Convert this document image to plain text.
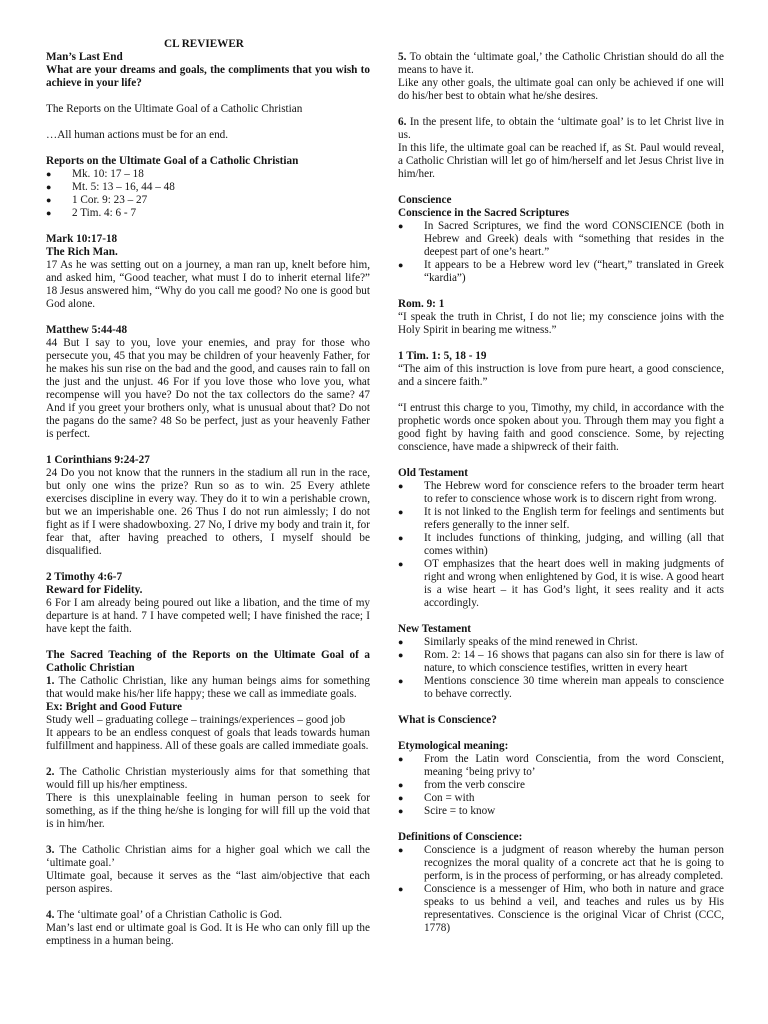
CL REVIEWER

Man’s Last End

What are your dreams and goals, the compliments that you wish to achieve in your life?

The Reports on the Ultimate Goal of a Catholic Christian

…All human actions must be for an end.

Reports on the Ultimate Goal of a Catholic Christian

● Mk. 10: 17 – 18
● Mt. 5: 13 – 16, 44 – 48
● 1 Cor. 9: 23 – 27
● 2 Tim. 4: 6 - 7

Mark 10:17-18

The Rich Man.

17 As he was setting out on a journey, a man ran up, knelt before him, and asked him, “Good teacher, what must I do to inherit eternal life?” 18 Jesus answered him, “Why do you call me good? No one is good but God alone.

Matthew 5:44-48

44 But I say to you, love your enemies, and pray for those who persecute you, 45 that you may be children of your heavenly Father, for he makes his sun rise on the bad and the good, and causes rain to fall on the just and the unjust. 46 For if you love those who love you, what recompense will you have? Do not the tax collectors do the same? 47 And if you greet your brothers only, what is unusual about that? Do not the pagans do the same? 48 So be perfect, just as your heavenly Father is perfect.

1 Corinthians 9:24-27

24 Do you not know that the runners in the stadium all run in the race, but only one wins the prize? Run so as to win. 25 Every athlete exercises discipline in every way. They do it to win a perishable crown, but we an imperishable one. 26 Thus I do not run aimlessly; I do not fight as if I were shadowboxing. 27 No, I drive my body and train it, for fear that, after having preached to others, I myself should be disqualified.

2 Timothy 4:6-7

Reward for Fidelity.

6 For I am already being poured out like a libation, and the time of my departure is at hand. 7 I have competed well; I have finished the race; I have kept the faith.

The Sacred Teaching of the Reports on the Ultimate Goal of a Catholic Christian

1. The Catholic Christian, like any human beings aims for something that would make his/her life happy; these we call as immediate goals.

Ex: Bright and Good Future

Study well – graduating college – trainings/experiences – good job

It appears to be an endless conquest of goals that leads towards human fulfillment and happiness. All of these goals are called immediate goals.

2. The Catholic Christian mysteriously aims for that something that would fill up his/her emptiness.

There is this unexplainable feeling in human person to seek for something, as if the thing he/she is longing for will fill up the void that is in him/her.

3. The Catholic Christian aims for a higher goal which we call the ‘ultimate goal.’

Ultimate goal, because it serves as the “last aim/objective that each person aspires.

4. The ‘ultimate goal’ of a Christian Catholic is God.

Man’s last end or ultimate goal is God. It is He who can only fill up the emptiness in a human being.

5. To obtain the ‘ultimate goal,’ the Catholic Christian should do all the means to have it.

Like any other goals, the ultimate goal can only be achieved if one will do his/her best to obtain what he/she desires.

6. In the present life, to obtain the ‘ultimate goal’ is to let Christ live in us.

In this life, the ultimate goal can be reached if, as St. Paul would reveal, a Catholic Christian will let go of him/herself and let Jesus Christ live in him/her.

Conscience

Conscience in the Sacred Scriptures

● In Sacred Scriptures, we find the word CONSCIENCE (both in Hebrew and Greek) deals with “something that resides in the deepest part of one’s heart.”
● It appears to be a Hebrew word lev (“heart,” translated in Greek “kardia”)

Rom. 9: 1

“I speak the truth in Christ, I do not lie; my conscience joins with the Holy Spirit in bearing me witness.”

1 Tim. 1: 5, 18 - 19

“The aim of this instruction is love from pure heart, a good conscience, and a sincere faith.”

“I entrust this charge to you, Timothy, my child, in accordance with the prophetic words once spoken about you. Through them may you fight a good fight by having faith and good conscience. Some, by rejecting conscience, have made a shipwreck of their faith.

Old Testament

● The Hebrew word for conscience refers to the broader term heart to refer to conscience whose work is to discern right from wrong.
● It is not linked to the English term for feelings and sentiments but refers generally to the inner self.
● It includes functions of thinking, judging, and willing (all that comes within)
● OT emphasizes that the heart does well in making judgments of right and wrong when enlightened by God, it is wise. A good heart is a wise heart – it has God’s light, it sees reality and it acts accordingly.

New Testament

● Similarly speaks of the mind renewed in Christ.
● Rom. 2: 14 – 16 shows that pagans can also sin for there is law of nature, to which conscience testifies, written in every heart
● Mentions conscience 30 time wherein man appeals to conscience to behave correctly.

What is Conscience?

Etymological meaning:

● From the Latin word Conscientia, from the word Conscient, meaning ‘being privy to’
● from the verb conscire
● Con = with
● Scire = to know

Definitions of Conscience:

● Conscience is a judgment of reason whereby the human person recognizes the moral quality of a concrete act that he is going to perform, is in the process of performing, or has already completed.
● Conscience is a messenger of Him, who both in nature and grace speaks to us behind a veil, and teaches and rules us by His representatives. Conscience is the original Vicar of Christ (CCC, 1778)
